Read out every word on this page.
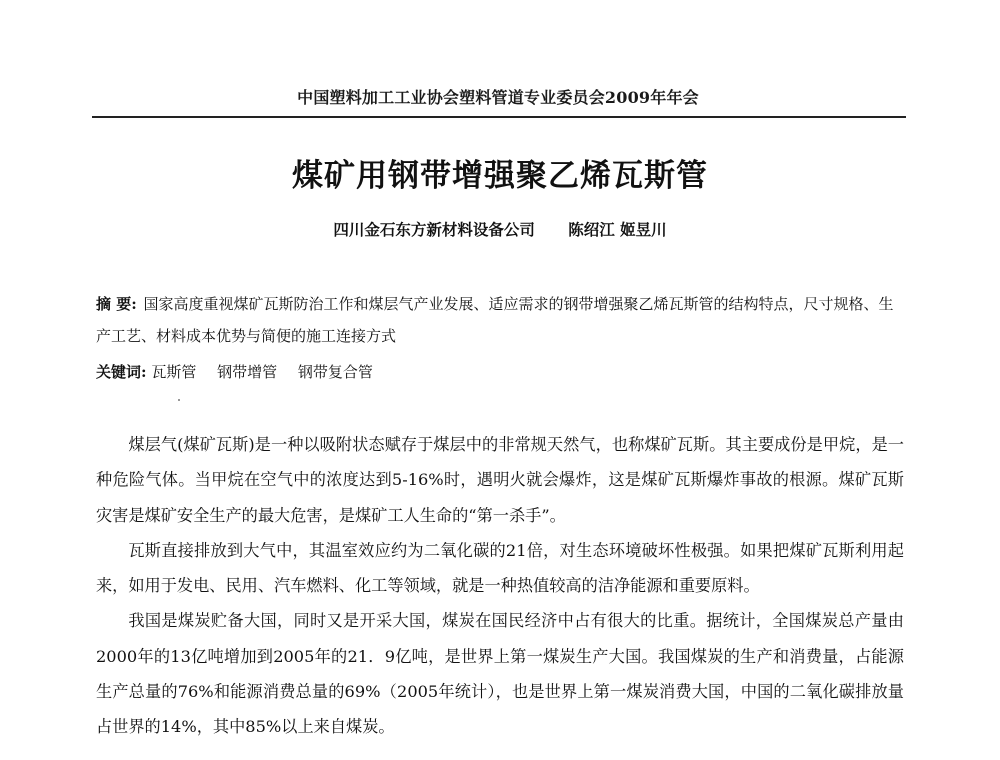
中国塑料加工工业协会塑料管道专业委员会2009年年会
煤矿用钢带增强聚乙烯瓦斯管
四川金石东方新材料设备公司 陈绍江 姬昱川
摘 要: 国家高度重视煤矿瓦斯防治工作和煤层气产业发展、适应需求的钢带增强聚乙烯瓦斯管的结构特点，尺寸规格、生产工艺、材料成本优势与简便的施工连接方式
关键词: 瓦斯管 钢带增管 钢带复合管

煤层气(煤矿瓦斯)是一种以吸附状态赋存于煤层中的非常规天然气，也称煤矿瓦斯。其主要成份是甲烷，是一种危险气体。当甲烷在空气中的浓度达到5-16%时，遇明火就会爆炸，这是煤矿瓦斯爆炸事故的根源。煤矿瓦斯灾害是煤矿安全生产的最大危害，是煤矿工人生命的“第一杀手”。

瓦斯直接排放到大气中，其温室效应约为二氧化碳的21倍，对生态环境破坏性极强。如果把煤矿瓦斯利用起来，如用于发电、民用、汽车燃料、化工等领域，就是一种热值较高的洁净能源和重要原料。

我国是煤炭贮备大国，同时又是开采大国，煤炭在国民经济中占有很大的比重。据统计，全国煤炭总产量由2000年的13亿吨增加到2005年的21．9亿吨，是世界上第一煤炭生产大国。我国煤炭的生产和消费量，占能源生产总量的76%和能源消费总量的69%（2005年统计），也是世界上第一煤炭消费大国，中国的二氧化碳排放量占世界的14%，其中85%以上来自煤炭。
